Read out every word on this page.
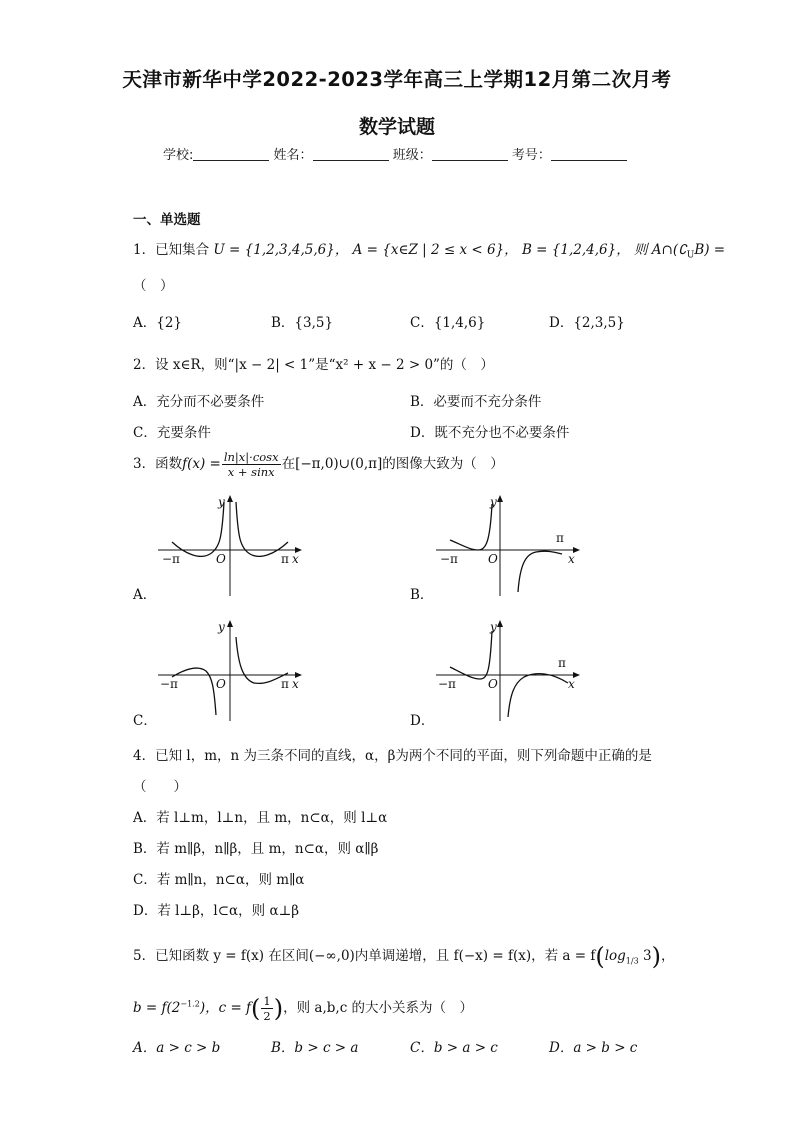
天津市新华中学2022-2023学年高三上学期12月第二次月考
数学试题
学校:	姓名：	班级：	考号：
一、单选题
1．已知集合 U = {1,2,3,4,5,6}， A = {x∈Z | 2 ≤ x < 6}， B = {1,2,4,6}， 则 $A\cap(∁_UB)$ =
（　）
A．{2}	B．{3,5}	C．{1,4,6}	D．{2,3,5}
2．设 x∈R，则“|x − 2| < 1”是“x² + x − 2 > 0”的（　）
A．充分而不必要条件	B．必要而不充分条件
C．充要条件	D．既不充分也不必要条件
3．函数$f(x) = \frac{\ln|x|\cdot\cos x}{x + \sin x}$ 在[−π,0)∪(0,π]的图像大致为（　）
−π	O	π x
y
A．
−π	O
π
x
y
B．
−π	O	π x
y
C．
−π	O
π
x
y
D．
4．已知 l，m，n 为三条不同的直线，α，β为两个不同的平面，则下列命题中正确的是
（　　）
A．若 l⊥m，l⊥n，且 m，n⊂α，则 l⊥α
B．若 m∥β，n∥β，且 m，n⊂α，则 α∥β
C．若 m∥n，n⊂α，则 m∥α
D．若 l⊥β，l⊂α，则 α⊥β
5．已知函数 y = f(x) 在区间(−∞,0)内单调递增，且 f(−x) = f(x)，若 $a = f(\log_{1/3}$ 3)，
$b = f(2^{-1.2})$，$c = f( \frac{1}{2}$ )，则 a,b,c 的大小关系为（　）
A．a > c > b	B．b > c > a	C．b > a > c	D．a > b > c
